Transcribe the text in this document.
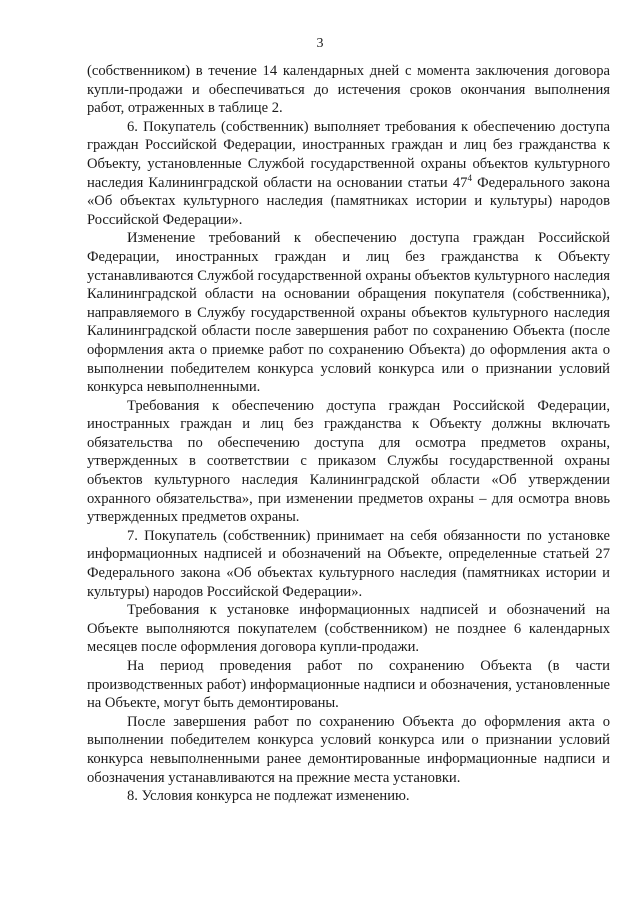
3

(собственником) в течение 14 календарных дней с момента заключения договора купли-продажи и обеспечиваться до истечения сроков окончания выполнения работ, отраженных в таблице 2.

6. Покупатель (собственник) выполняет требования к обеспечению доступа граждан Российской Федерации, иностранных граждан и лиц без гражданства к Объекту, установленные Службой государственной охраны объектов культурного наследия Калининградской области на основании статьи $47^4$ Федерального закона «Об объектах культурного наследия (памятниках истории и культуры) народов Российской Федерации».

Изменение требований к обеспечению доступа граждан Российской Федерации, иностранных граждан и лиц без гражданства к Объекту устанавливаются Службой государственной охраны объектов культурного наследия Калининградской области на основании обращения покупателя (собственника), направляемого в Службу государственной охраны объектов культурного наследия Калининградской области после завершения работ по сохранению Объекта (после оформления акта о приемке работ по сохранению Объекта) до оформления акта о выполнении победителем конкурса условий конкурса или о признании условий конкурса невыполненными.

Требования к обеспечению доступа граждан Российской Федерации, иностранных граждан и лиц без гражданства к Объекту должны включать обязательства по обеспечению доступа для осмотра предметов охраны, утвержденных в соответствии с приказом Службы государственной охраны объектов культурного наследия Калининградской области «Об утверждении охранного обязательства», при изменении предметов охраны – для осмотра вновь утвержденных предметов охраны.

7. Покупатель (собственник) принимает на себя обязанности по установке информационных надписей и обозначений на Объекте, определенные статьей 27 Федерального закона «Об объектах культурного наследия (памятниках истории и культуры) народов Российской Федерации».

Требования к установке информационных надписей и обозначений на Объекте выполняются покупателем (собственником) не позднее 6 календарных месяцев после оформления договора купли-продажи.

На период проведения работ по сохранению Объекта (в части производственных работ) информационные надписи и обозначения, установленные на Объекте, могут быть демонтированы.

После завершения работ по сохранению Объекта до оформления акта о выполнении победителем конкурса условий конкурса или о признании условий конкурса невыполненными ранее демонтированные информационные надписи и обозначения устанавливаются на прежние места установки.

8. Условия конкурса не подлежат изменению.
